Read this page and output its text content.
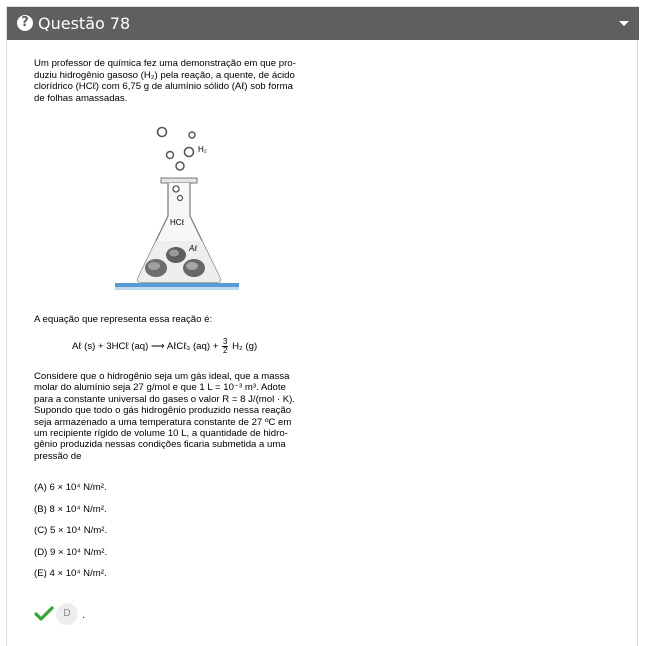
? Questão 78

Um professor de química fez uma demonstração em que pro-

duziu hidrogênio gasoso (H₂) pela reação, a quente, de ácido

clorídrico (HCℓ) com 6,75 g de alumínio sólido (Aℓ) sob forma

de folhas amassadas.

H₂
HCℓ
Aℓ
A equação que representa essa reação é:
Aℓ (s) + 3HCℓ (aq) ⟶ AℓCℓ₃ $(aq) + \frac{3}{2} H_2$ (g)
Considere que o hidrogênio seja um gás ideal, que a massa
molar do alumínio seja 27 g/mol e que 1 L = 10⁻³ m³. Adote
para a constante universal do gases o valor R = 8 J/(mol · K).
Supondo que todo o gás hidrogênio produzido nessa reação
seja armazenado a uma temperatura constante de 27 ºC em
um recipiente rígido de volume 10 L, a quantidade de hidro-
gênio produzida nessas condições ficaria submetida a uma
pressão de
(A) 6 × 10⁴ N/m².
(B) 8 × 10⁴ N/m².
(C) 5 × 10⁴ N/m².
(D) 9 × 10⁴ N/m².
(E) 4 × 10⁴ N/m².
D .
